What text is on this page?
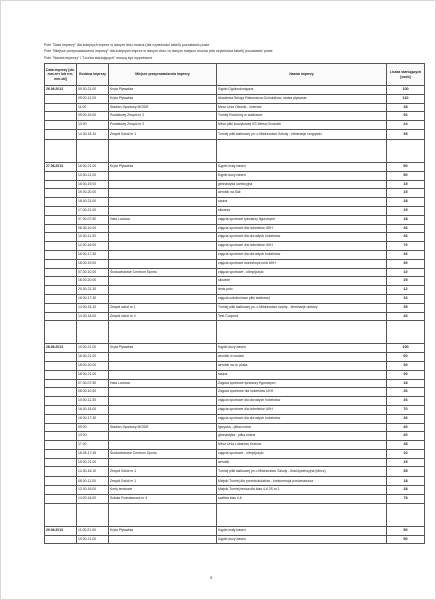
Pole "Data imprezy" dla kolejnych imprez w danym dniu można (dla czytelności tabeli) pozostawić puste
Pole "Miejsce przeprowadzenia imprezy" dla kolejnych imprez w danym dniu i w danym miejscu można (dla czytelności tabeli) pozostawić puste
Pole "Nazwa imprezy" i "Liczba startujących" muszą być wypełnione
Data imprezy [dd-mm-rrrr lub rrrr-mm-dd]	Godzina imprezy	Miejsce przeprowadzenia imprezy	Nazwa imprezy	Liczba startujących [osób]
26.06.2013	09.30-21.00	Kryta Pływalnia	Kąpiel Ogólnodostępna	100
	09.00-12.00	Kryta Pływalnia	Akademia Sekcja Ratownicza Ochotników, nauka pływania	110
	11.00	Stadion Sportowy MOSiR	Mecz Unia Oleśnik - veteráni	28
	09.00-15.00	Powiatowy Zespół nr 2	Turniej Rodzinny w siatkówce	92
	13.00	Powiatowy Zespół nr 2	Mecz piłki koszykowej KS Mewa Grodzisk	24
	14.30-18.10	Zespół Szkół nr 1	Turniej piłki siatkowej pn. o Mistrzostwo Szkoły - eliminacje rozgrywki	35

27.06.2013	16.00-21.00	Kryta Pływalnia	Kąpiel mały basen	50
	13.00-21.00		Kąpiel duży basen	50
	16.00-19.00		gimnastyka korekcyjna	15
	19.00-20.00		aerobik na Sali	15
	18.00-21.00		sauna	28
	17.00-21.00		siłownia	15
	07.00-07.50	Hala Lodowa	zajęcia sportowe łyżwiarzy figurowych	18
	08.30-10.00		zajęcia sportowe dla hokeistów UKH	26
	10.00-11.30		zajęcia sportowe dla dorosłych hokeistów	26
	12.00-16.00		zajęcia sportowe dla hokeistów UKH	70
	16.00-17.30		zajęcia sportowe dla dorosłych hokeistów	26
	18.00-19.00		zajęcia sportowe workshops unia UKH	30
	07.00-10.00	Środowiskowe Centrum Sportu	zajęcia sportowe - olimpijczyki	10
	18.00-20.00		siłownie	25
	20.00-21.30		tenis polo	12
	16.00-17.30		zajęcia szkoleniowe piłki siatkowej	16
	14.00-15.10	Zespół szkół nr 1	Turniej piłki siatkowej pn. o Mistrzostwo szkoły - eliminacje ulotany	35
	14.00-18.00	Zespół szkół nr 4	Test Coopera	43

28.06.2013	10.00-21.00	Kryta Pływalnia	Kąpiel duży basen	100
	16.00-21.00		aerobik w wodzie	60
	18.00-20.00		aerobik na ul. plaża	30
	18.00-21.00		sauna	20
	07.00-07.50	Hala Lodowa	Zajęcia sportowe łyżwiarzy figurowych	18
	08.00-10.00		Zajęcia sportowe dla hokeistów UKH	26
	10.00-11.30		zajęcia sportowe dla dorosłych hokeistów	26
	16.00-15.00		zajęcia sportowe dla hokeistów UKH	70
	16.00-17.30		zajęcia sportowe dla dorosłych hokeistów	26
	09.00	Stadion Sportowy MOSiR	Igrzyska - piłka nożna	40
	13.00		gimnastyka - piłka nożna	40
	17.00		Mecz Unia Lubartów Kraków	28
	16.45-17.45	Środowiskowe Centrum Sportu	zajęcia sportowe - olimpijczyki	10
	15.00-21.00		aerobik	15
	14.30-16.10	Zespół Szkół nr 1	Turniej piłki siatkowej pn o Mistrzostwo Szkoły - finał dywersyjna (Mecz)	35
	08.00-11.00	Zespół Szkół nr 1	Miejski Turniej dla przedszkolaków - konkurencja porównawcza	18
	12.00-16.00	Korty tenisowe	Miejski Turniej tenisa dla klas 4-6 2S nr 1	28
	14.00-16.00	Szkoła Podstawowa nr 4	szafeta klas 4-6	78

29.06.2013	11.00-21.00	Kryta Pływalnia	Kąpiel mały basen	50
	10.00-21.00		Kąpiel duży basen	50
9
